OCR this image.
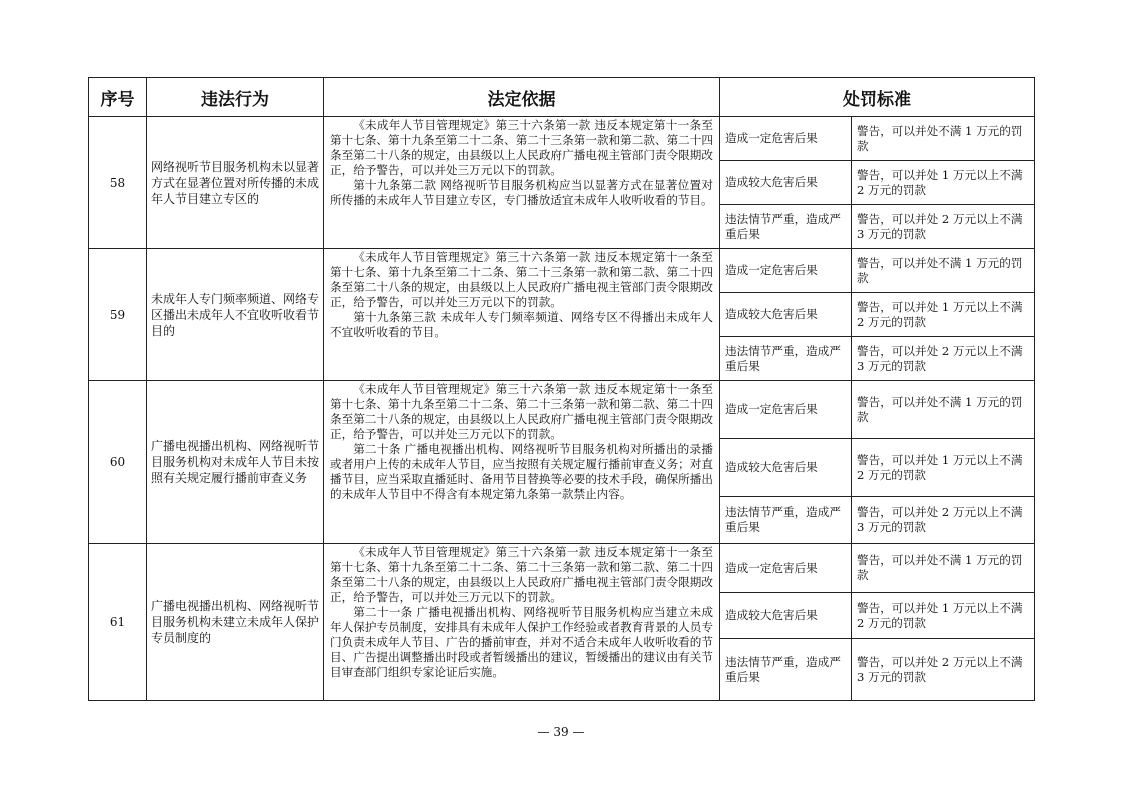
序号	违法行为	法定依据	处罚标准	
58	网络视听节目服务机构未以显著方式在显著位置对所传播的未成年人节目建立专区的	《未成年人节目管理规定》第三十六条第一款 违反本规定第十一条至第十七条、第十九条至第二十二条、第二十三条第一款和第二款、第二十四条至第二十八条的规定，由县级以上人民政府广播电视主管部门责令限期改正，给予警告，可以并处三万元以下的罚款。

第十九条第二款 网络视听节目服务机构应当以显著方式在显著位置对所传播的未成年人节目建立专区，专门播放适宜未成年人收听收看的节目。	造成一定危害后果	警告，可以并处不满 1 万元的罚款
			造成较大危害后果	警告，可以并处 1 万元以上不满 2 万元的罚款
			违法情节严重，造成严重后果	警告，可以并处 2 万元以上不满 3 万元的罚款
59	未成年人专门频率频道、网络专区播出未成年人不宜收听收看节目的	《未成年人节目管理规定》第三十六条第一款 违反本规定第十一条至第十七条、第十九条至第二十二条、第二十三条第一款和第二款、第二十四条至第二十八条的规定，由县级以上人民政府广播电视主管部门责令限期改正，给予警告，可以并处三万元以下的罚款。

第十九条第三款 未成年人专门频率频道、网络专区不得播出未成年人不宜收听收看的节目。	造成一定危害后果	警告，可以并处不满 1 万元的罚款
			造成较大危害后果	警告，可以并处 1 万元以上不满 2 万元的罚款
			违法情节严重，造成严重后果	警告，可以并处 2 万元以上不满 3 万元的罚款
60	广播电视播出机构、网络视听节目服务机构对未成年人节目未按照有关规定履行播前审查义务	《未成年人节目管理规定》第三十六条第一款 违反本规定第十一条至第十七条、第十九条至第二十二条、第二十三条第一款和第二款、第二十四条至第二十八条的规定，由县级以上人民政府广播电视主管部门责令限期改正，给予警告，可以并处三万元以下的罚款。

第二十条 广播电视播出机构、网络视听节目服务机构对所播出的录播或者用户上传的未成年人节目，应当按照有关规定履行播前审查义务；对直播节目，应当采取直播延时、备用节目替换等必要的技术手段，确保所播出的未成年人节目中不得含有本规定第九条第一款禁止内容。	造成一定危害后果	警告，可以并处不满 1 万元的罚款
			造成较大危害后果	警告，可以并处 1 万元以上不满 2 万元的罚款
			违法情节严重，造成严重后果	警告，可以并处 2 万元以上不满 3 万元的罚款
61	广播电视播出机构、网络视听节目服务机构未建立未成年人保护专员制度的	《未成年人节目管理规定》第三十六条第一款 违反本规定第十一条至第十七条、第十九条至第二十二条、第二十三条第一款和第二款、第二十四条至第二十八条的规定，由县级以上人民政府广播电视主管部门责令限期改正，给予警告，可以并处三万元以下的罚款。

第二十一条 广播电视播出机构、网络视听节目服务机构应当建立未成年人保护专员制度，安排具有未成年人保护工作经验或者教育背景的人员专门负责未成年人节目、广告的播前审查，并对不适合未成年人收听收看的节目、广告提出调整播出时段或者暂缓播出的建议，暂缓播出的建议由有关节目审查部门组织专家论证后实施。	造成一定危害后果	警告，可以并处不满 1 万元的罚款
			造成较大危害后果	警告，可以并处 1 万元以上不满 2 万元的罚款
			违法情节严重，造成严重后果	警告，可以并处 2 万元以上不满 3 万元的罚款
— 39 —
